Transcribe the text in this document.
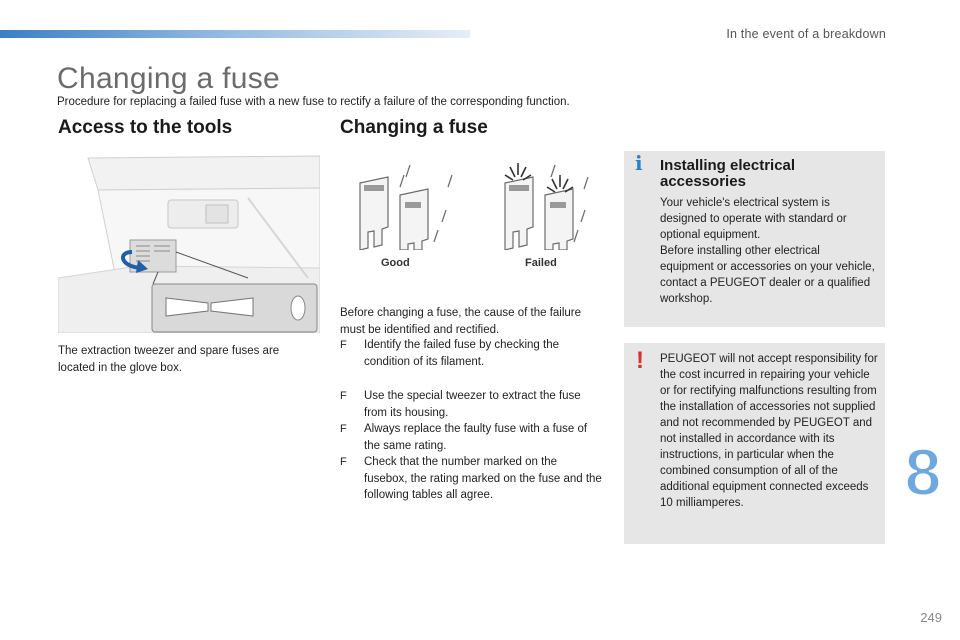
In the event of a breakdown
Changing a fuse

Procedure for replacing a failed fuse with a new fuse to rectify a failure of the corresponding function.

Access to the tools	Changing a fuse

The extraction tweezer and spare fuses are located in the glove box.

Good	Failed

Before changing a fuse, the cause of the failure must be identified and rectified.

F Identify the failed fuse by checking the condition of its filament.
F Use the special tweezer to extract the fuse from its housing.
F Always replace the faulty fuse with a fuse of the same rating.
F Check that the number marked on the fusebox, the rating marked on the fuse and the following tables all agree.
i Installing electrical accessories

Your vehicle's electrical system is designed to operate with standard or optional equipment.
Before installing other electrical equipment or accessories on your vehicle, contact a PEUGEOT dealer or a qualified workshop.

! PEUGEOT will not accept responsibility for the cost incurred in repairing your vehicle or for rectifying malfunctions resulting from the installation of accessories not supplied and not recommended by PEUGEOT and not installed in accordance with its instructions, in particular when the combined consumption of all of the additional equipment connected exceeds 10 milliamperes.	8
249
